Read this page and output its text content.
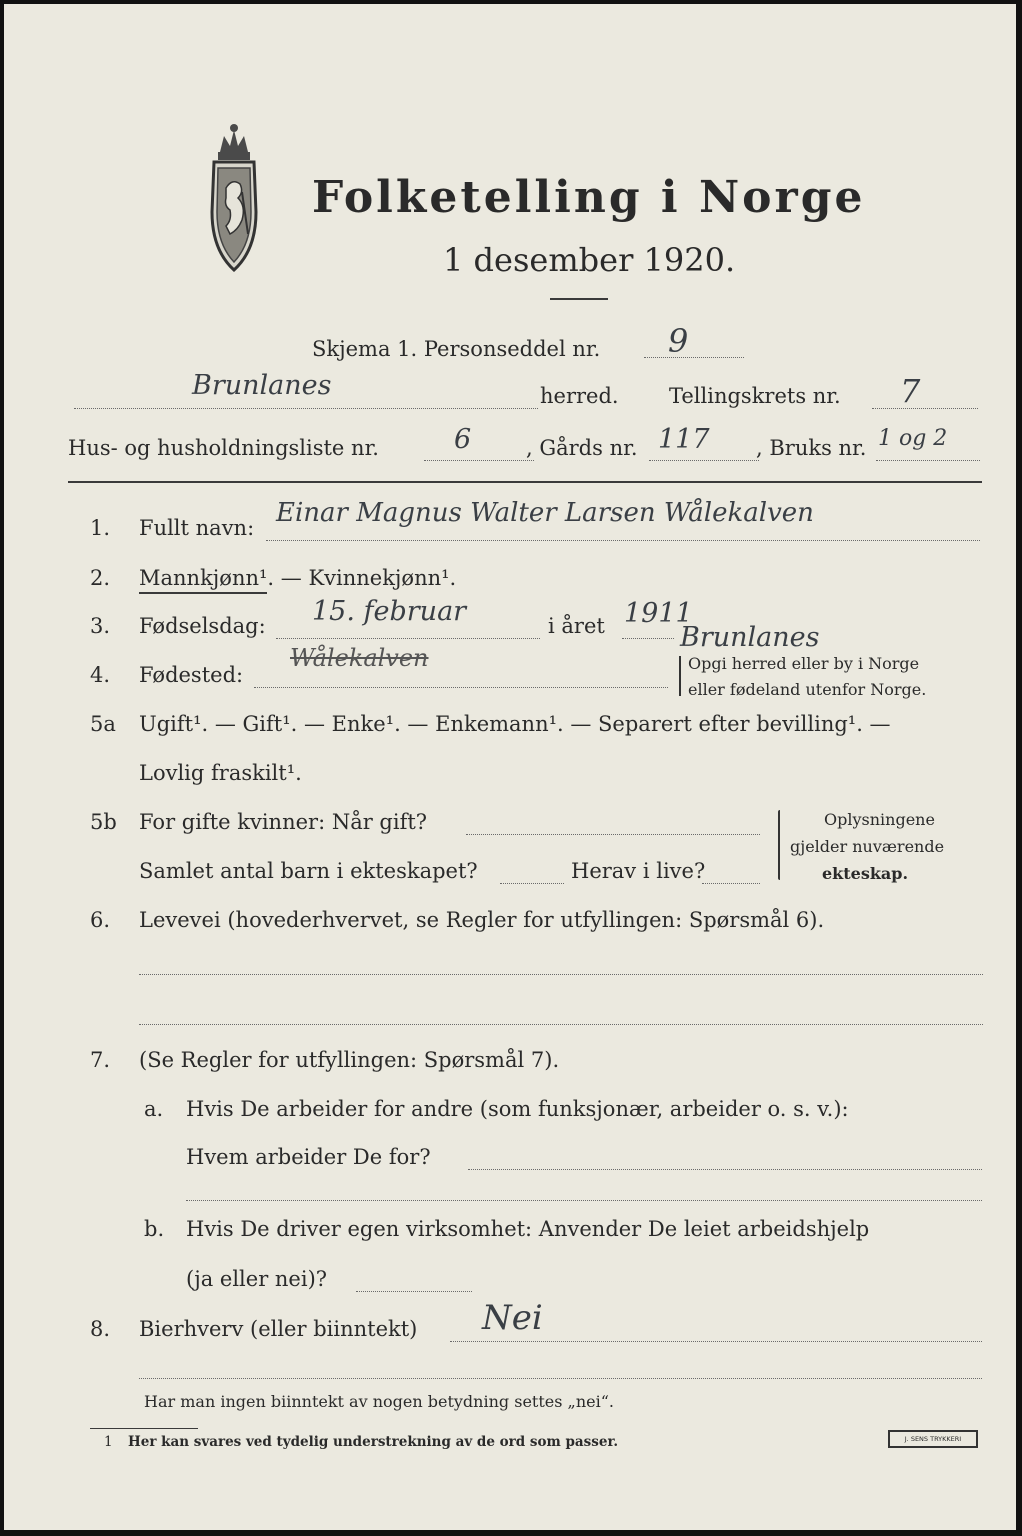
Folketelling i Norge
1 desember 1920.
Skjema 1. Personseddel nr. 9
Brunlanes	herred. Tellingskrets nr. 7
Hus- og husholdningsliste nr.	6	, Gårds nr. 117 , Bruks nr. 1 og 2
1. Fullt navn: Einar Magnus Walter Larsen Wålekalven
2. Mannkjønn¹. — Kvinnekjønn¹.
3. Fødselsdag: 15. februar	i året 1911
4. Fødested:
Wålekalven
Brunlanes
Opgi herred eller by i Norge
eller fødeland utenfor Norge.
5a Ugift¹. — Gift¹. — Enke¹. — Enkemann¹. — Separert efter bevilling¹. —
Lovlig fraskilt¹.
5b For gifte kvinner: Når gift?
Samlet antal barn i ekteskapet?	Herav i live?
Oplysningene
gjelder nuværende
ekteskap.
6. Levevei (hovederhvervet, se Regler for utfyllingen: Spørsmål 6).
7. (Se Regler for utfyllingen: Spørsmål 7).
a. Hvis De arbeider for andre (som funksjonær, arbeider o. s. v.):
Hvem arbeider De for?
b. Hvis De driver egen virksomhet: Anvender De leiet arbeidshjelp
(ja eller nei)?
8. Bierhverv (eller biinntekt) Nei
Har man ingen biinntekt av nogen betydning settes „nei“.
1 Her kan svares ved tydelig understrekning av de ord som passer.	J. SENS TRYKKERI
